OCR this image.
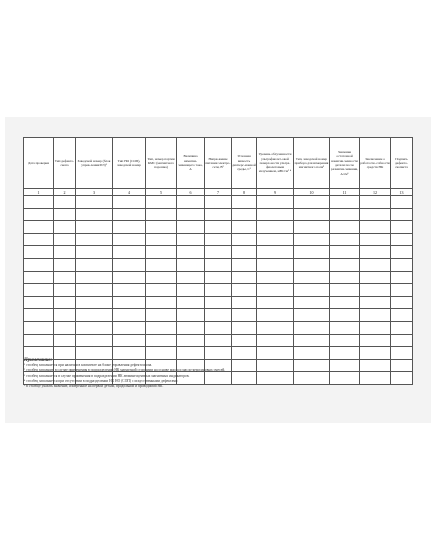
Дата проверки	Тип дефекто-скопа	Заводской номер (блок управ-ления/ПЭ)¹	Тип НО (СОП), заводской номер	Тип, номер партии КМС (магнитного порошка)	Величина намагни-чивающего тока, А	Напря-жение питания электро-сети, В²	Условная вязкость дисперс-ионной среды, С³	Уровень облученности ультрафиолет-овой поверх-ности ультра-фиолетовым излучением, мВт/см² ⁴	Тип, заводской номер прибора для измерения магнитного поля⁵	Значение остаточной намагни-ченности детали после размагни-чивания, А/см⁶	Заключение о работоспо-собности средств НК	Подпись дефекто-скописта
1	2	3	4	5	6	7	8	9	10	11	12	13

Примечание:

¹ столбец заполняется при наличии в комплекте на блоке управления дефектоскопа.

² столбец заполнять в случае применения в подразделении НК магнитной суспензии на основе масла и масло-керосиновых смесей.

³ столбец заполняется в случае применения в подразделении НК люминесцентных магнитных индикаторов.

⁴ столбец заполняется при отсутствии в подразделении НК НО (СОП) с искусственными дефектами

⁵ в столбце указать значение, измеренное на первой детали, продольной и проводимой НК.
